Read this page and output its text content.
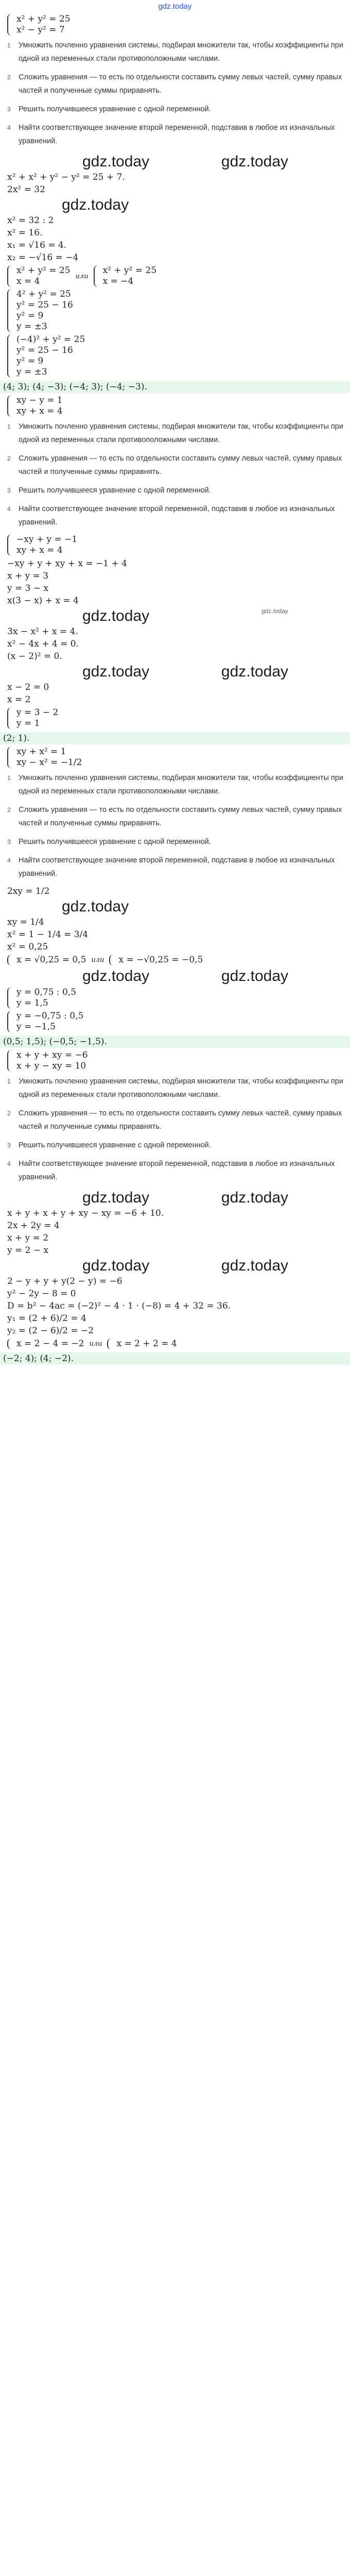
gdz.today
x² + y² = 25
x² − y² = 7
1	Умножить почленно уравнения системы, подбирая множители так, чтобы коэффициенты при одной из переменных стали противоположными числами.
2	Сложить уравнения — то есть по отдельности составить сумму левых частей, сумму правых частей и полученные суммы приравнять.
3	Решить получившееся уравнение с одной переменной.
4	Найти соответствующее значение второй переменной, подставив в любое из изначальных уравнений.
gdz.today	gdz.today
x² + x² + y² − y² = 25 + 7.
2x² = 32
gdz.today
x² = 32 : 2
x² = 16.
x₁ = √16 = 4.
x₂ = −√16 = −4
x² + y² = 25
x = 4	или
x² + y² = 25
x = −4
4² + y² = 25
y² = 25 − 16
y² = 9
y = ±3
(−4)² + y² = 25
y² = 25 − 16
y² = 9
y = ±3
(4; 3); (4; −3); (−4; 3); (−4; −3).
xy − y = 1
xy + x = 4
1	Умножить почленно уравнения системы, подбирая множители так, чтобы коэффициенты при одной из переменных стали противоположными числами.
2	Сложить уравнения — то есть по отдельности составить сумму левых частей, сумму правых частей и полученные суммы приравнять.
3	Решить получившееся уравнение с одной переменной.
4	Найти соответствующее значение второй переменной, подставив в любое из изначальных уравнений.
−xy + y = −1
xy + x = 4
−xy + y + xy + x = −1 + 4
x + y = 3
y = 3 − x
x(3 − x) + x = 4
gdz.today	gdz.today
3x − x² + x = 4.
x² − 4x + 4 = 0.
(x − 2)² = 0.
gdz.today	gdz.today
x − 2 = 0
x = 2
y = 3 − 2
y = 1
(2; 1).
xy + x² = 1
xy − x² = −1/2
1	Умножить почленно уравнения системы, подбирая множители так, чтобы коэффициенты при одной из переменных стали противоположными числами.
2	Сложить уравнения — то есть по отдельности составить сумму левых частей, сумму правых частей и полученные суммы приравнять.
3	Решить получившееся уравнение с одной переменной.
4	Найти соответствующее значение второй переменной, подставив в любое из изначальных уравнений.
2xy = 1/2
gdz.today
xy = 1/4
x² = 1 − 1/4 = 3/4
x² = 0,25
x = √0,25 = 0,5 или x = −√0,25 = −0,5
gdz.today	gdz.today
y = 0,75 : 0,5
y = 1,5
y = −0,75 : 0,5
y = −1,5
(0,5; 1,5); (−0,5; −1,5).
x + y + xy = −6
x + y − xy = 10
1	Умножить почленно уравнения системы, подбирая множители так, чтобы коэффициенты при одной из переменных стали противоположными числами.
2	Сложить уравнения — то есть по отдельности составить сумму левых частей, сумму правых частей и полученные суммы приравнять.
3	Решить получившееся уравнение с одной переменной.
4	Найти соответствующее значение второй переменной, подставив в любое из изначальных уравнений.
gdz.today	gdz.today
x + y + x + y + xy − xy = −6 + 10.
2x + 2y = 4
x + y = 2
y = 2 − x
gdz.today	gdz.today
2 − y + y + y(2 − y) = −6
y² − 2y − 8 = 0
D = b² − 4ac = (−2)² − 4 · 1 · (−8) = 4 + 32 = 36.
y₁ = (2 + 6)/2 = 4
y₂ = (2 − 6)/2 = −2
x = 2 − 4 = −2 или x = 2 + 2 = 4
(−2; 4); (4; −2).
